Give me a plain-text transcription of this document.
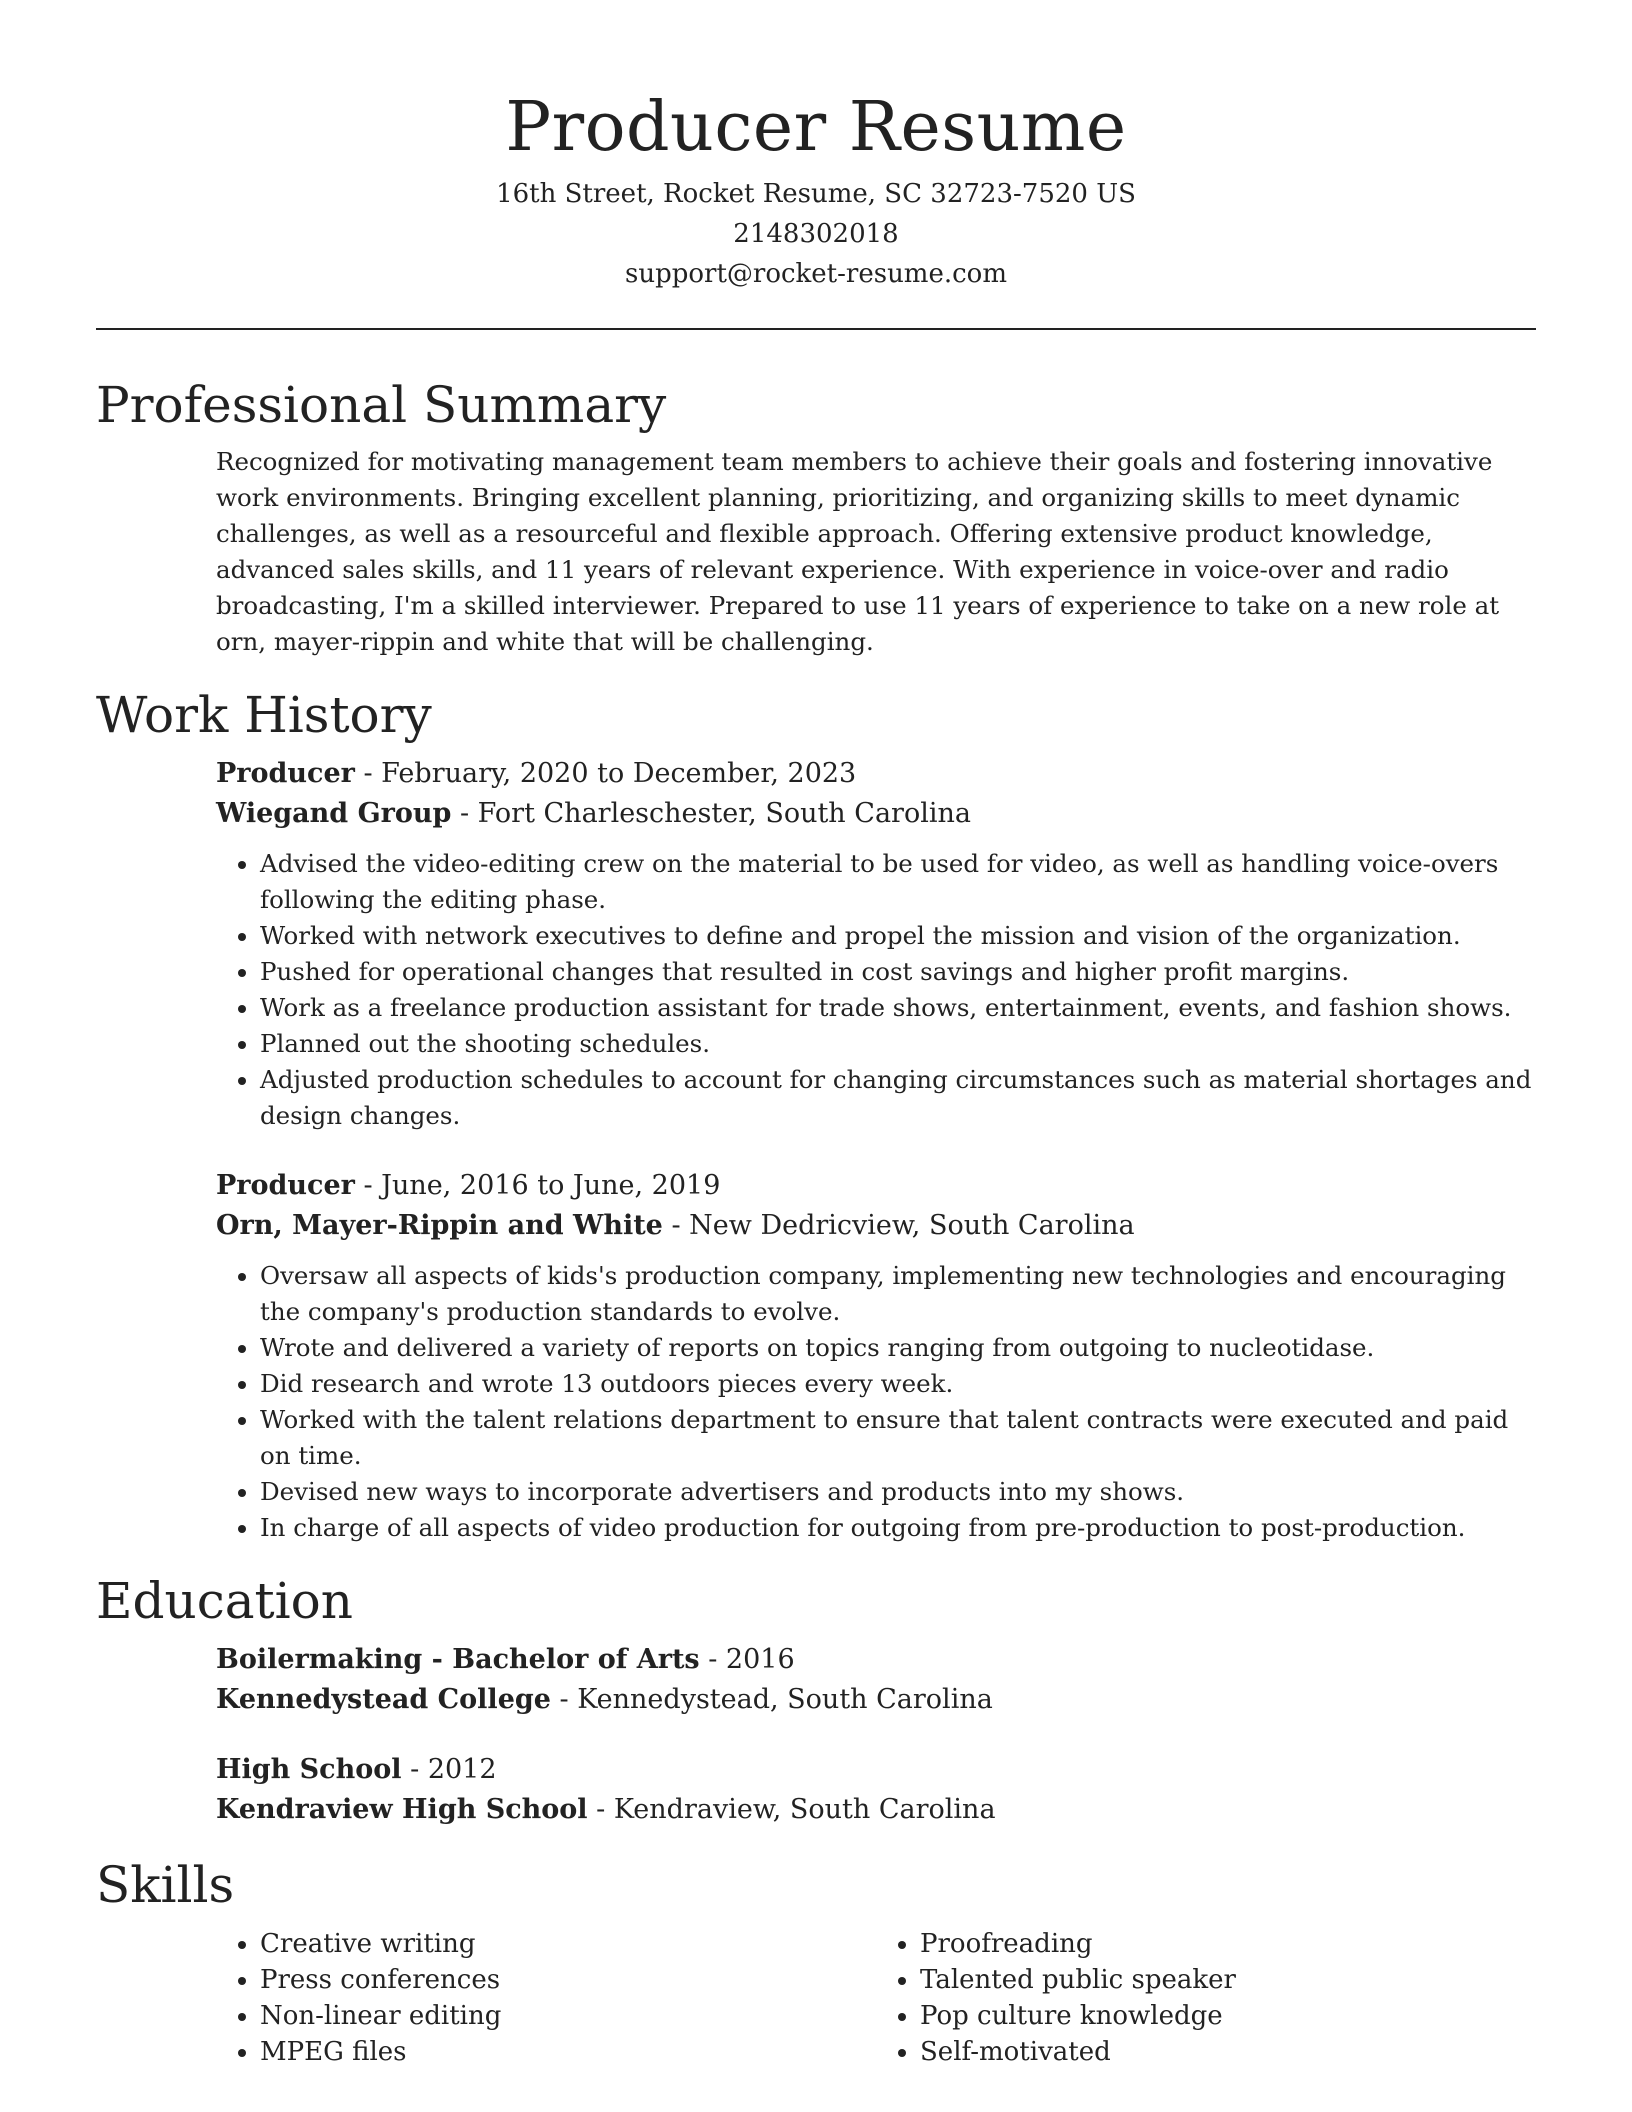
Producer Resume
16th Street, Rocket Resume, SC 32723-7520 US
2148302018
support@rocket-resume.com
Professional Summary

Recognized for motivating management team members to achieve their goals and fostering innovative work environments. Bringing excellent planning, prioritizing, and organizing skills to meet dynamic challenges, as well as a resourceful and flexible approach. Offering extensive product knowledge, advanced sales skills, and 11 years of relevant experience. With experience in voice-over and radio broadcasting, I'm a skilled interviewer. Prepared to use 11 years of experience to take on a new role at orn, mayer-rippin and white that will be challenging.

Work History
Producer - February, 2020 to December, 2023
Wiegand Group - Fort Charleschester, South Carolina
• Advised the video-editing crew on the material to be used for video, as well as handling voice-overs following the editing phase.
• Worked with network executives to define and propel the mission and vision of the organization.
• Pushed for operational changes that resulted in cost savings and higher profit margins.
• Work as a freelance production assistant for trade shows, entertainment, events, and fashion shows.
• Planned out the shooting schedules.
• Adjusted production schedules to account for changing circumstances such as material shortages and design changes.
Producer - June, 2016 to June, 2019
Orn, Mayer-Rippin and White - New Dedricview, South Carolina
• Oversaw all aspects of kids's production company, implementing new technologies and encouraging the company's production standards to evolve.
• Wrote and delivered a variety of reports on topics ranging from outgoing to nucleotidase.
• Did research and wrote 13 outdoors pieces every week.
• Worked with the talent relations department to ensure that talent contracts were executed and paid on time.
• Devised new ways to incorporate advertisers and products into my shows.
• In charge of all aspects of video production for outgoing from pre-production to post-production.
Education
Boilermaking - Bachelor of Arts - 2016
Kennedystead College - Kennedystead, South Carolina
High School - 2012
Kendraview High School - Kendraview, South Carolina
Skills
• Creative writing
• Press conferences
• Non-linear editing
• MPEG files
• Proofreading
• Talented public speaker
• Pop culture knowledge
• Self-motivated
